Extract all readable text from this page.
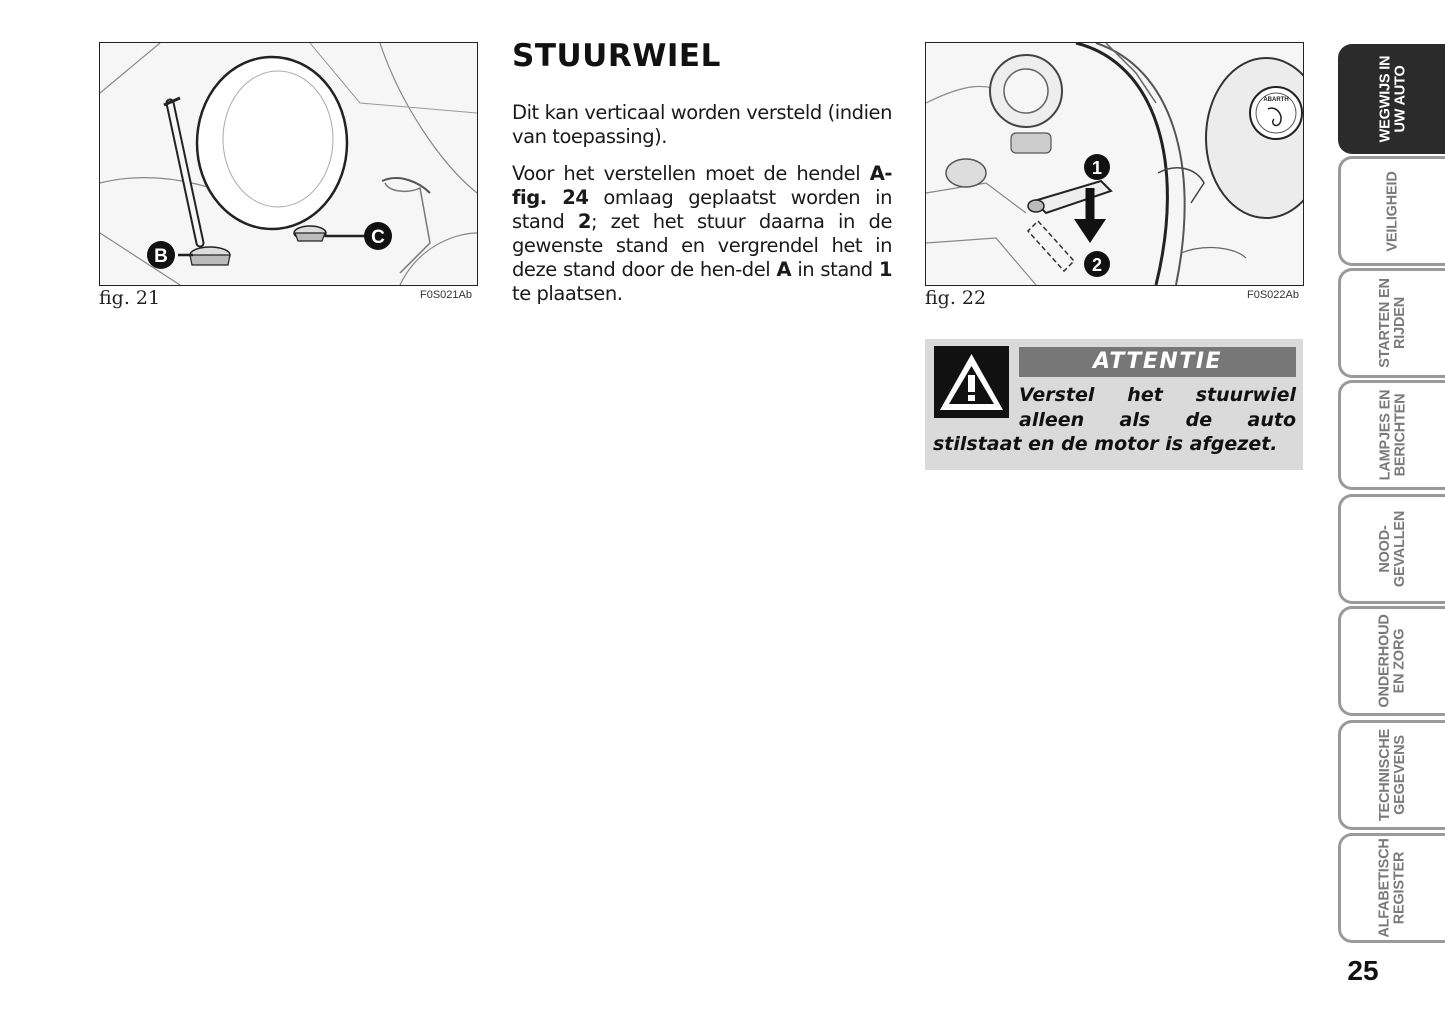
B
C
fig. 21	F0S021Ab
STUURWIEL

Dit kan verticaal worden versteld (indien van toepassing).

Voor het verstellen moet de hendel A-fig. 24 omlaag geplaatst worden in stand 2; zet het stuur daarna in de gewenste stand en vergrendel het in deze stand door de hen-del A in stand 1 te plaatsen.

ABARTH
1
2
fig. 22	F0S022Ab
ATTENTIE

Verstel het stuurwiel alleen als de auto stilstaat en de motor is afgezet.

WEGWIJS IN
UW AUTO
VEILIGHEID
STARTEN EN
RIJDEN
LAMPJES EN
BERICHTEN
NOOD-
GEVALLEN
ONDERHOUD
EN ZORG
TECHNISCHE
GEGEVENS
ALFABETISCH
REGISTER
25
